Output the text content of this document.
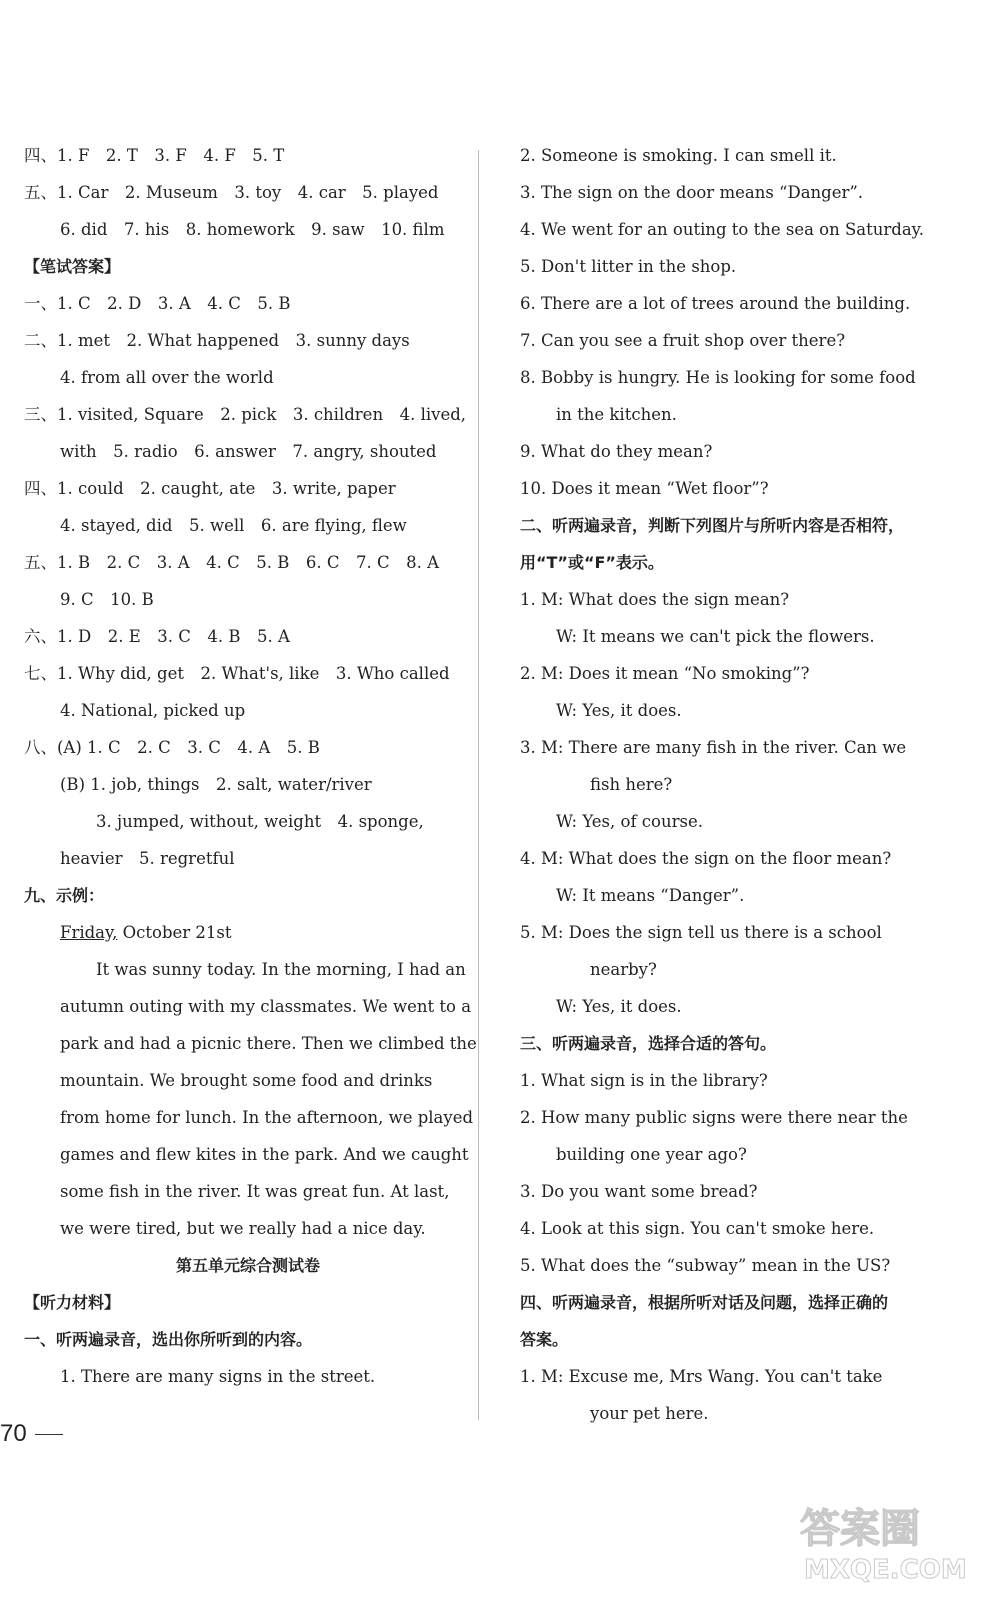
四、1. F　2. T　3. F　4. F　5. T
五、1. Car　2. Museum　3. toy　4. car　5. played
6. did　7. his　8. homework　9. saw　10. film
【笔试答案】
一、1. C　2. D　3. A　4. C　5. B
二、1. met　2. What happened　3. sunny days
4. from all over the world
三、1. visited, Square　2. pick　3. children　4. lived,
with　5. radio　6. answer　7. angry, shouted
四、1. could　2. caught, ate　3. write, paper
4. stayed, did　5. well　6. are flying, flew
五、1. B　2. C　3. A　4. C　5. B　6. C　7. C　8. A
9. C　10. B
六、1. D　2. E　3. C　4. B　5. A
七、1. Why did, get　2. What's, like　3. Who called
4. National, picked up
八、(A) 1. C　2. C　3. C　4. A　5. B
(B) 1. job, things　2. salt, water/river
3. jumped, without, weight　4. sponge,
heavier　5. regretful
九、示例：
Friday, October 21st
It was sunny today. In the morning, I had an
autumn outing with my classmates. We went to a
park and had a picnic there. Then we climbed the
mountain. We brought some food and drinks
from home for lunch. In the afternoon, we played
games and flew kites in the park. And we caught
some fish in the river. It was great fun. At last,
we were tired, but we really had a nice day.
第五单元综合测试卷
【听力材料】
一、听两遍录音，选出你所听到的内容。
1. There are many signs in the street.
2. Someone is smoking. I can smell it.
3. The sign on the door means “Danger”.
4. We went for an outing to the sea on Saturday.
5. Don't litter in the shop.
6. There are a lot of trees around the building.
7. Can you see a fruit shop over there?
8. Bobby is hungry. He is looking for some food
in the kitchen.
9. What do they mean?
10. Does it mean “Wet floor”?
二、听两遍录音，判断下列图片与所听内容是否相符，
用“T”或“F”表示。
1. M: What does the sign mean?
W: It means we can't pick the flowers.
2. M: Does it mean “No smoking”?
W: Yes, it does.
3. M: There are many fish in the river. Can we
fish here?
W: Yes, of course.
4. M: What does the sign on the floor mean?
W: It means “Danger”.
5. M: Does the sign tell us there is a school
nearby?
W: Yes, it does.
三、听两遍录音，选择合适的答句。
1. What sign is in the library?
2. How many public signs were there near the
building one year ago?
3. Do you want some bread?
4. Look at this sign. You can't smoke here.
5. What does the “subway” mean in the US?
四、听两遍录音，根据所听对话及问题，选择正确的
答案。
1. M: Excuse me, Mrs Wang. You can't take
your pet here.
70
答案圈
MXQE.COM
